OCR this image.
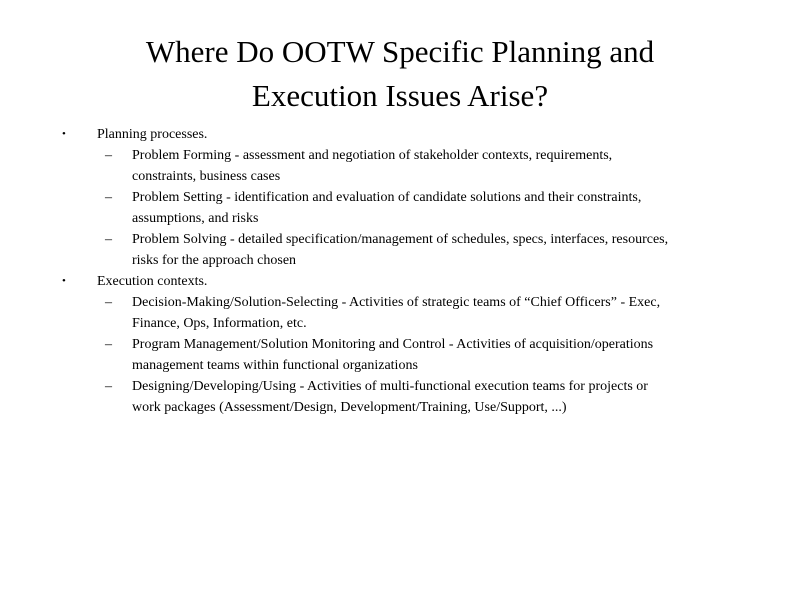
Where Do OOTW Specific Planning and
Execution Issues Arise?
•	Planning processes.
–	Problem Forming - assessment and negotiation of stakeholder contexts, requirements,
constraints, business cases
–	Problem Setting - identification and evaluation of candidate solutions and their constraints,
assumptions, and risks
–	Problem Solving - detailed specification/management of schedules, specs, interfaces, resources,
risks for the approach chosen
•	Execution contexts.
–	Decision-Making/Solution-Selecting - Activities of strategic teams of “Chief Officers” - Exec,
Finance, Ops, Information, etc.
–	Program Management/Solution Monitoring and Control - Activities of acquisition/operations
management teams within functional organizations
–	Designing/Developing/Using - Activities of multi-functional execution teams for projects or
work packages (Assessment/Design, Development/Training, Use/Support, ...)
